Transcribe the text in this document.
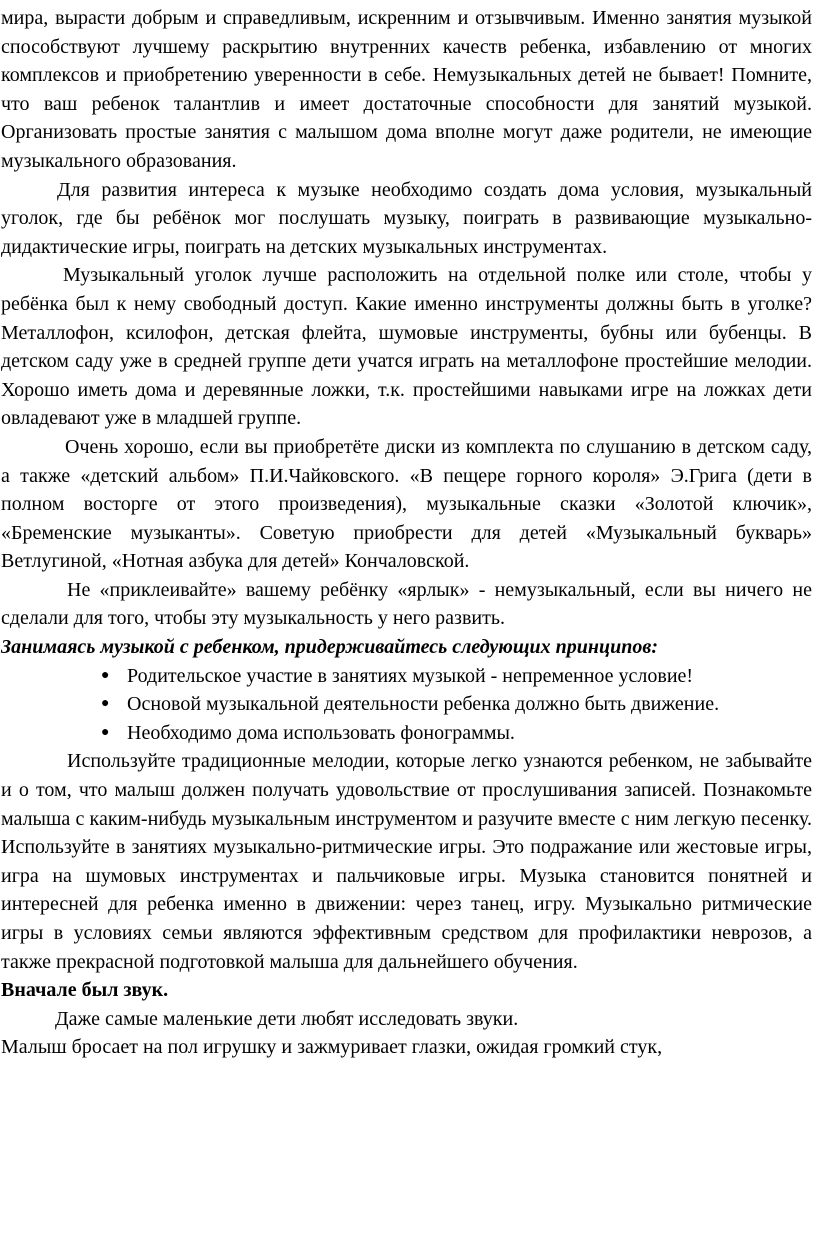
мира, вырасти добрым и справедливым, искренним и отзывчивым. Именно занятия музыкой способствуют лучшему раскрытию внутренних качеств ребенка, избавлению от многих комплексов и приобретению уверенности в себе. Немузыкальных детей не бывает! Помните, что ваш ребенок талантлив и имеет достаточные способности для занятий музыкой. Организовать простые занятия с малышом дома вполне могут даже родители, не имеющие музыкального образования.

Для развития интереса к музыке необходимо создать дома условия, музыкальный уголок, где бы ребёнок мог послушать музыку, поиграть в развивающие музыкально-дидактические игры, поиграть на детских музыкальных инструментах.

Музыкальный уголок лучше расположить на отдельной полке или столе, чтобы у ребёнка был к нему свободный доступ. Какие именно инструменты должны быть в уголке? Металлофон, ксилофон, детская флейта, шумовые инструменты, бубны или бубенцы. В детском саду уже в средней группе дети учатся играть на металлофоне простейшие мелодии. Хорошо иметь дома и деревянные ложки, т.к. простейшими навыками игре на ложках дети овладевают уже в младшей группе.

Очень хорошо, если вы приобретёте диски из комплекта по слушанию в детском саду, а также «детский альбом» П.И.Чайковского. «В пещере горного короля» Э.Грига (дети в полном восторге от этого произведения), музыкальные сказки «Золотой ключик», «Бременские музыканты». Советую приобрести для детей «Музыкальный букварь» Ветлугиной, «Нотная азбука для детей» Кончаловской.

Не «приклеивайте» вашему ребёнку «ярлык» - немузыкальный, если вы ничего не сделали для того, чтобы эту музыкальность у него развить.

Занимаясь музыкой с ребенком, придерживайтесь следующих принципов:

● Родительское участие в занятиях музыкой - непременное условие!
● Основой музыкальной деятельности ребенка должно быть движение.
● Необходимо дома использовать фонограммы.

Используйте традиционные мелодии, которые легко узнаются ребенком, не забывайте и о том, что малыш должен получать удовольствие от прослушивания записей. Познакомьте малыша с каким-нибудь музыкальным инструментом и разучите вместе с ним легкую песенку. Используйте в занятиях музыкально-ритмические игры. Это подражание или жестовые игры, игра на шумовых инструментах и пальчиковые игры. Музыка становится понятней и интересней для ребенка именно в движении: через танец, игру. Музыкально ритмические игры в условиях семьи являются эффективным средством для профилактики неврозов, а также прекрасной подготовкой малыша для дальнейшего обучения.

Вначале был звук.

Даже самые маленькие дети любят исследовать звуки.

Малыш бросает на пол игрушку и зажмуривает глазки, ожидая громкий стук,
